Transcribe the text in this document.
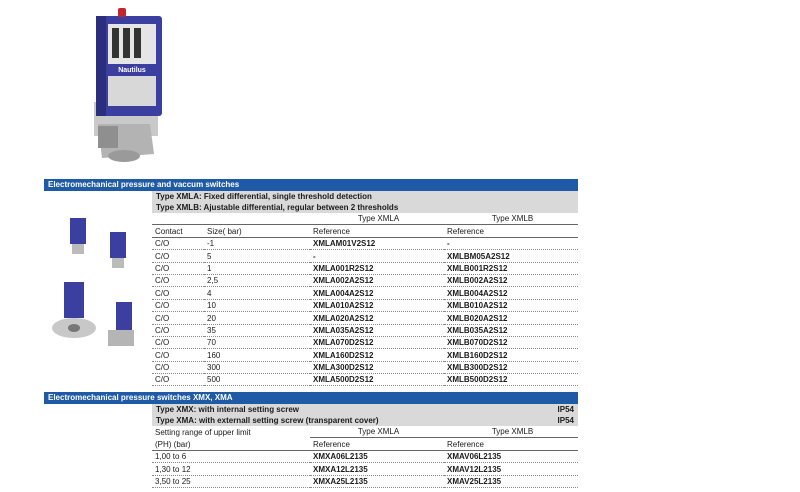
Nautilus
Electromechanical pressure and vaccum switches
Type XMLA: Fixed differential, single threshold detection
Type XMLB: Ajustable differential, regular between 2 thresholds
		Type XMLA	Type XMLB
Contact	Size( bar)	Reference	Reference
C/O	-1	XMLAM01V2S12	-
C/O	5	-	XMLBM05A2S12
C/O	1	XMLA001R2S12	XMLB001R2S12
C/O	2,5	XMLA002A2S12	XMLB002A2S12
C/O	4	XMLA004A2S12	XMLB004A2S12
C/O	10	XMLA010A2S12	XMLB010A2S12
C/O	20	XMLA020A2S12	XMLB020A2S12
C/O	35	XMLA035A2S12	XMLB035A2S12
C/O	70	XMLA070D2S12	XMLB070D2S12
C/O	160	XMLA160D2S12	XMLB160D2S12
C/O	300	XMLA300D2S12	XMLB300D2S12
C/O	500	XMLA500D2S12	XMLB500D2S12
Electromechanical pressure switches XMX, XMA
Type XMX: with internal setting screw	IP54
Type XMA: with externall setting screw (transparent cover)	IP54
Setting range of upper limit	Type XMLA	Type XMLB
(PH) (bar)	Reference	Reference
1,00 to 6	XMXA06L2135	XMAV06L2135
1,30 to 12	XMXA12L2135	XMAV12L2135
3,50 to 25	XMXA25L2135	XMAV25L2135
